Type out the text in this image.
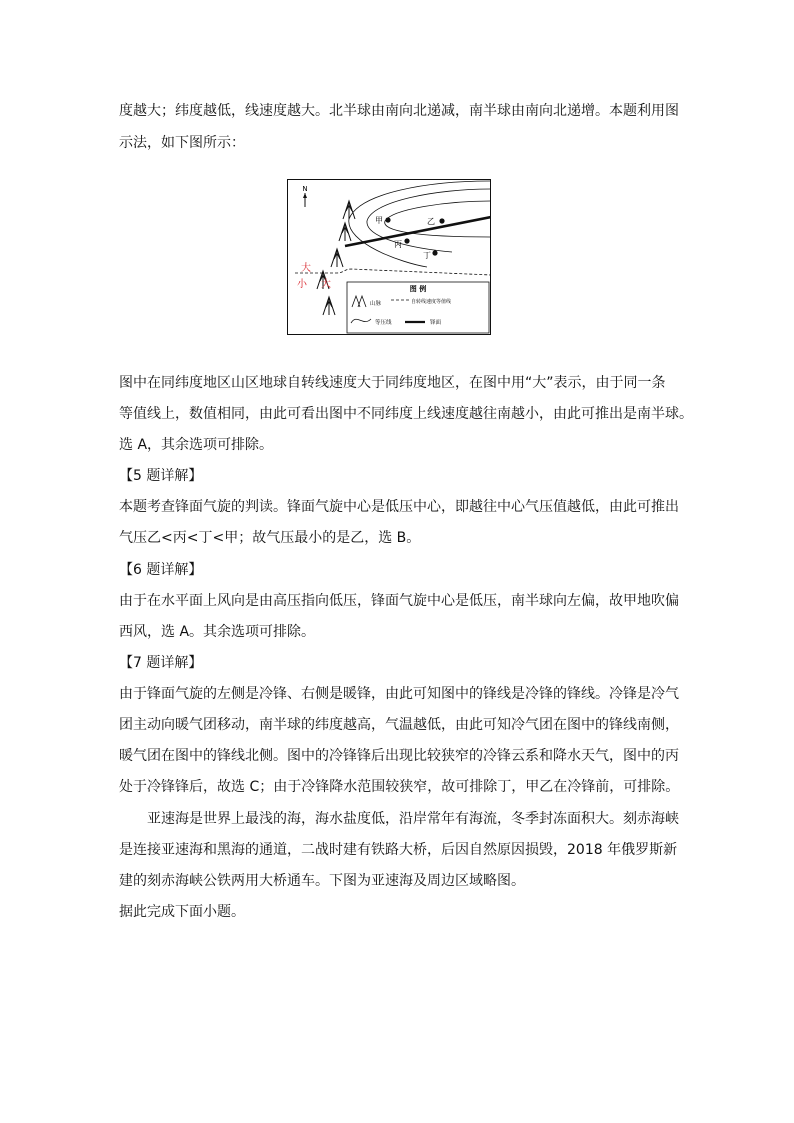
度越大；纬度越低，线速度越大。北半球由南向北递减，南半球由南向北递增。本题利用图
示法，如下图所示：
N
甲	乙
丙
丁
大
小 大	图 例
山脉	自转线速度等值线
等压线	锋面
图中在同纬度地区山区地球自转线速度大于同纬度地区，在图中用“大”表示，由于同一条
等值线上，数值相同，由此可看出图中不同纬度上线速度越往南越小，由此可推出是南半球。
选 A，其余选项可排除。
【5 题详解】
本题考查锋面气旋的判读。锋面气旋中心是低压中心，即越往中心气压值越低，由此可推出
气压乙<丙<丁<甲；故气压最小的是乙，选 B。
【6 题详解】
由于在水平面上风向是由高压指向低压，锋面气旋中心是低压，南半球向左偏，故甲地吹偏
西风，选 A。其余选项可排除。
【7 题详解】
由于锋面气旋的左侧是冷锋、右侧是暖锋，由此可知图中的锋线是冷锋的锋线。冷锋是冷气
团主动向暖气团移动，南半球的纬度越高，气温越低，由此可知冷气团在图中的锋线南侧，
暖气团在图中的锋线北侧。图中的冷锋锋后出现比较狭窄的冷锋云系和降水天气，图中的丙
处于冷锋锋后，故选 C；由于冷锋降水范围较狭窄，故可排除丁，甲乙在冷锋前，可排除。
亚速海是世界上最浅的海，海水盐度低，沿岸常年有海流，冬季封冻面积大。刻赤海峡
是连接亚速海和黑海的通道，二战时建有铁路大桥，后因自然原因损毁，2018 年俄罗斯新
建的刻赤海峡公铁两用大桥通车。下图为亚速海及周边区域略图。
据此完成下面小题。
